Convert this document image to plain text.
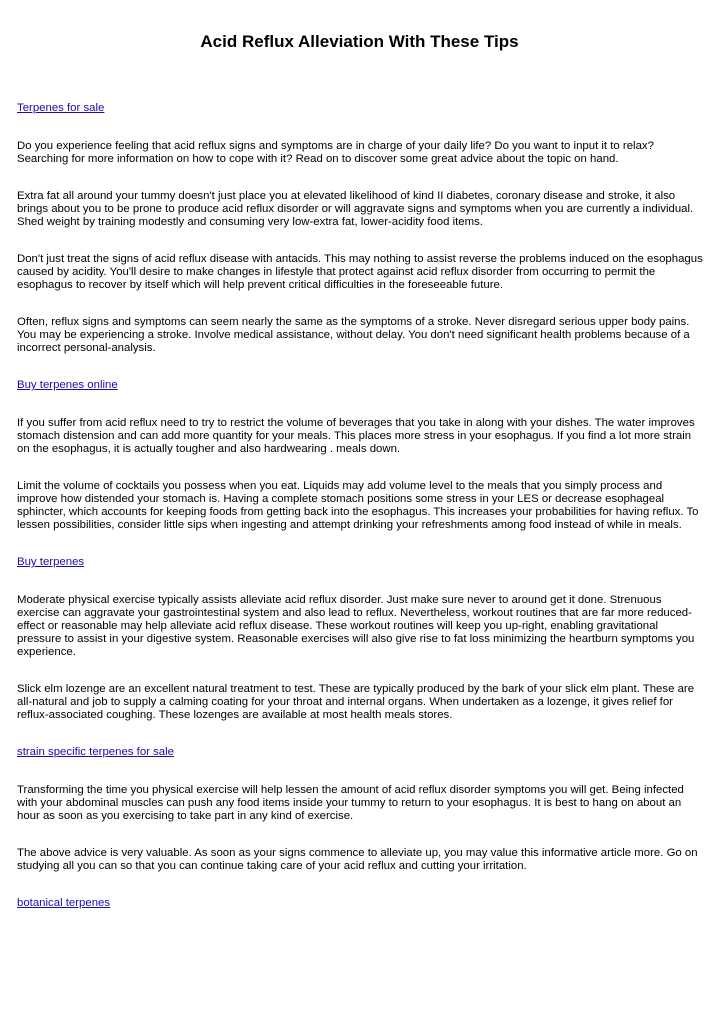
Acid Reflux Alleviation With These Tips
Terpenes for sale

Do you experience feeling that acid reflux signs and symptoms are in charge of your daily life? Do you want to input it to relax? Searching for more information on how to cope with it? Read on to discover some great advice about the topic on hand.

Extra fat all around your tummy doesn't just place you at elevated likelihood of kind II diabetes, coronary disease and stroke, it also brings about you to be prone to produce acid reflux disorder or will aggravate signs and symptoms when you are currently a individual. Shed weight by training modestly and consuming very low-extra fat, lower-acidity food items.

Don't just treat the signs of acid reflux disease with antacids. This may nothing to assist reverse the problems induced on the esophagus caused by acidity. You'll desire to make changes in lifestyle that protect against acid reflux disorder from occurring to permit the esophagus to recover by itself which will help prevent critical difficulties in the foreseeable future.

Often, reflux signs and symptoms can seem nearly the same as the symptoms of a stroke. Never disregard serious upper body pains. You may be experiencing a stroke. Involve medical assistance, without delay. You don't need significant health problems because of a incorrect personal-analysis.

Buy terpenes online

If you suffer from acid reflux need to try to restrict the volume of beverages that you take in along with your dishes. The water improves stomach distension and can add more quantity for your meals. This places more stress in your esophagus. If you find a lot more strain on the esophagus, it is actually tougher and also hardwearing . meals down.

Limit the volume of cocktails you possess when you eat. Liquids may add volume level to the meals that you simply process and improve how distended your stomach is. Having a complete stomach positions some stress in your LES or decrease esophageal sphincter, which accounts for keeping foods from getting back into the esophagus. This increases your probabilities for having reflux. To lessen possibilities, consider little sips when ingesting and attempt drinking your refreshments among food instead of while in meals.

Buy terpenes

Moderate physical exercise typically assists alleviate acid reflux disorder. Just make sure never to around get it done. Strenuous exercise can aggravate your gastrointestinal system and also lead to reflux. Nevertheless, workout routines that are far more reduced-effect or reasonable may help alleviate acid reflux disease. These workout routines will keep you up-right, enabling gravitational pressure to assist in your digestive system. Reasonable exercises will also give rise to fat loss minimizing the heartburn symptoms you experience.

Slick elm lozenge are an excellent natural treatment to test. These are typically produced by the bark of your slick elm plant. These are all-natural and job to supply a calming coating for your throat and internal organs. When undertaken as a lozenge, it gives relief for reflux-associated coughing. These lozenges are available at most health meals stores.

strain specific terpenes for sale

Transforming the time you physical exercise will help lessen the amount of acid reflux disorder symptoms you will get. Being infected with your abdominal muscles can push any food items inside your tummy to return to your esophagus. It is best to hang on about an hour as soon as you exercising to take part in any kind of exercise.

The above advice is very valuable. As soon as your signs commence to alleviate up, you may value this informative article more. Go on studying all you can so that you can continue taking care of your acid reflux and cutting your irritation.

botanical terpenes
